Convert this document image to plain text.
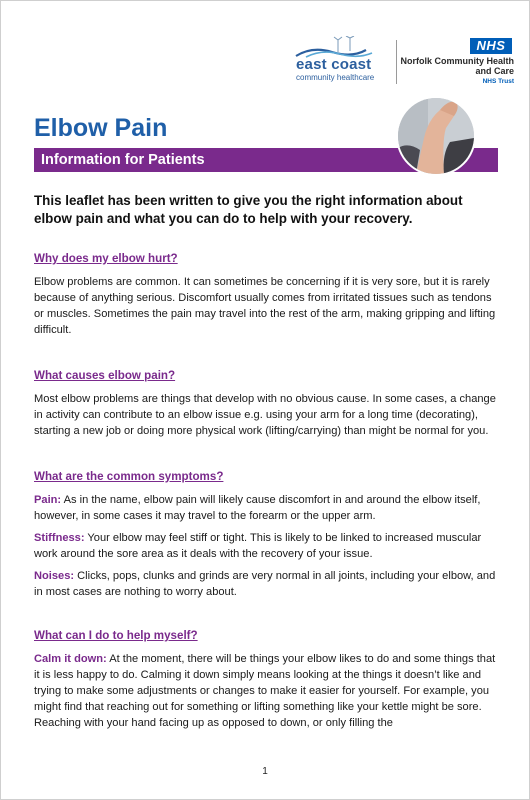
east coast
community healthcare
NHS
Norfolk Community Health and Care
NHS Trust
Elbow Pain
Information for Patients

This leaflet has been written to give you the right information about elbow pain and what you can do to help with your recovery.

Why does my elbow hurt?

Elbow problems are common. It can sometimes be concerning if it is very sore, but it is rarely because of anything serious. Discomfort usually comes from irritated tissues such as tendons or muscles. Sometimes the pain may travel into the rest of the arm, making gripping and lifting difficult.

What causes elbow pain?

Most elbow problems are things that develop with no obvious cause. In some cases, a change in activity can contribute to an elbow issue e.g. using your arm for a long time (decorating), starting a new job or doing more physical work (lifting/carrying) than might be normal for you.

What are the common symptoms?

Pain: As in the name, elbow pain will likely cause discomfort in and around the elbow itself, however, in some cases it may travel to the forearm or the upper arm.

Stiffness: Your elbow may feel stiff or tight. This is likely to be linked to increased muscular work around the sore area as it deals with the recovery of your issue.

Noises: Clicks, pops, clunks and grinds are very normal in all joints, including your elbow, and in most cases are nothing to worry about.

What can I do to help myself?

Calm it down: At the moment, there will be things your elbow likes to do and some things that it is less happy to do. Calming it down simply means looking at the things it doesn’t like and trying to make some adjustments or changes to make it easier for yourself. For example, you might find that reaching out for something or lifting something like your kettle might be sore. Reaching with your hand facing up as opposed to down, or only filling the

1
